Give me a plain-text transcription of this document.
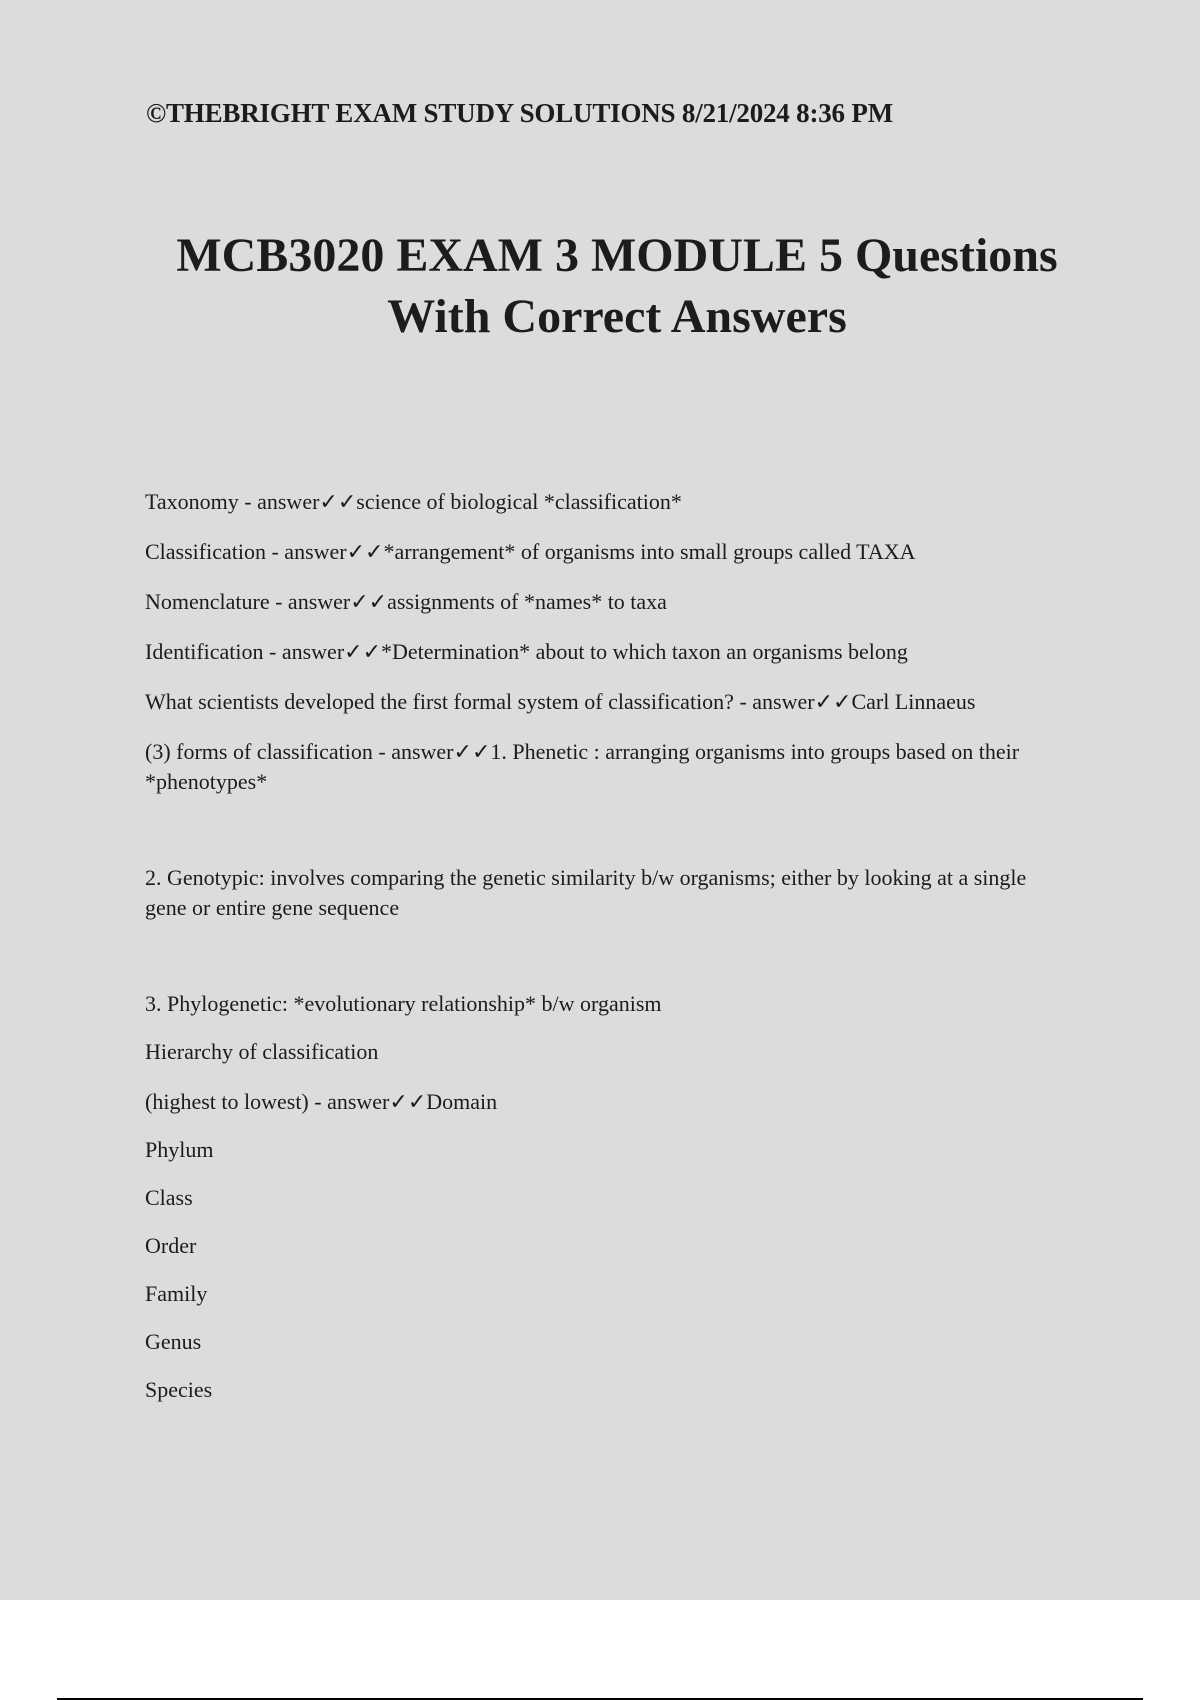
©THEBRIGHT EXAM STUDY SOLUTIONS 8/21/2024 8:36 PM
MCB3020 EXAM 3 MODULE 5 Questions
With Correct Answers

Taxonomy - answer✓✓science of biological *classification*

Classification - answer✓✓*arrangement* of organisms into small groups called TAXA

Nomenclature - answer✓✓assignments of *names* to taxa

Identification - answer✓✓*Determination* about to which taxon an organisms belong

What scientists developed the first formal system of classification? - answer✓✓Carl Linnaeus

(3) forms of classification - answer✓✓1. Phenetic : arranging organisms into groups based on their *phenotypes*

2. Genotypic: involves comparing the genetic similarity b/w organisms; either by looking at a single gene or entire gene sequence

3. Phylogenetic: *evolutionary relationship* b/w organism

Hierarchy of classification

(highest to lowest) - answer✓✓Domain

Phylum

Class

Order

Family

Genus

Species
